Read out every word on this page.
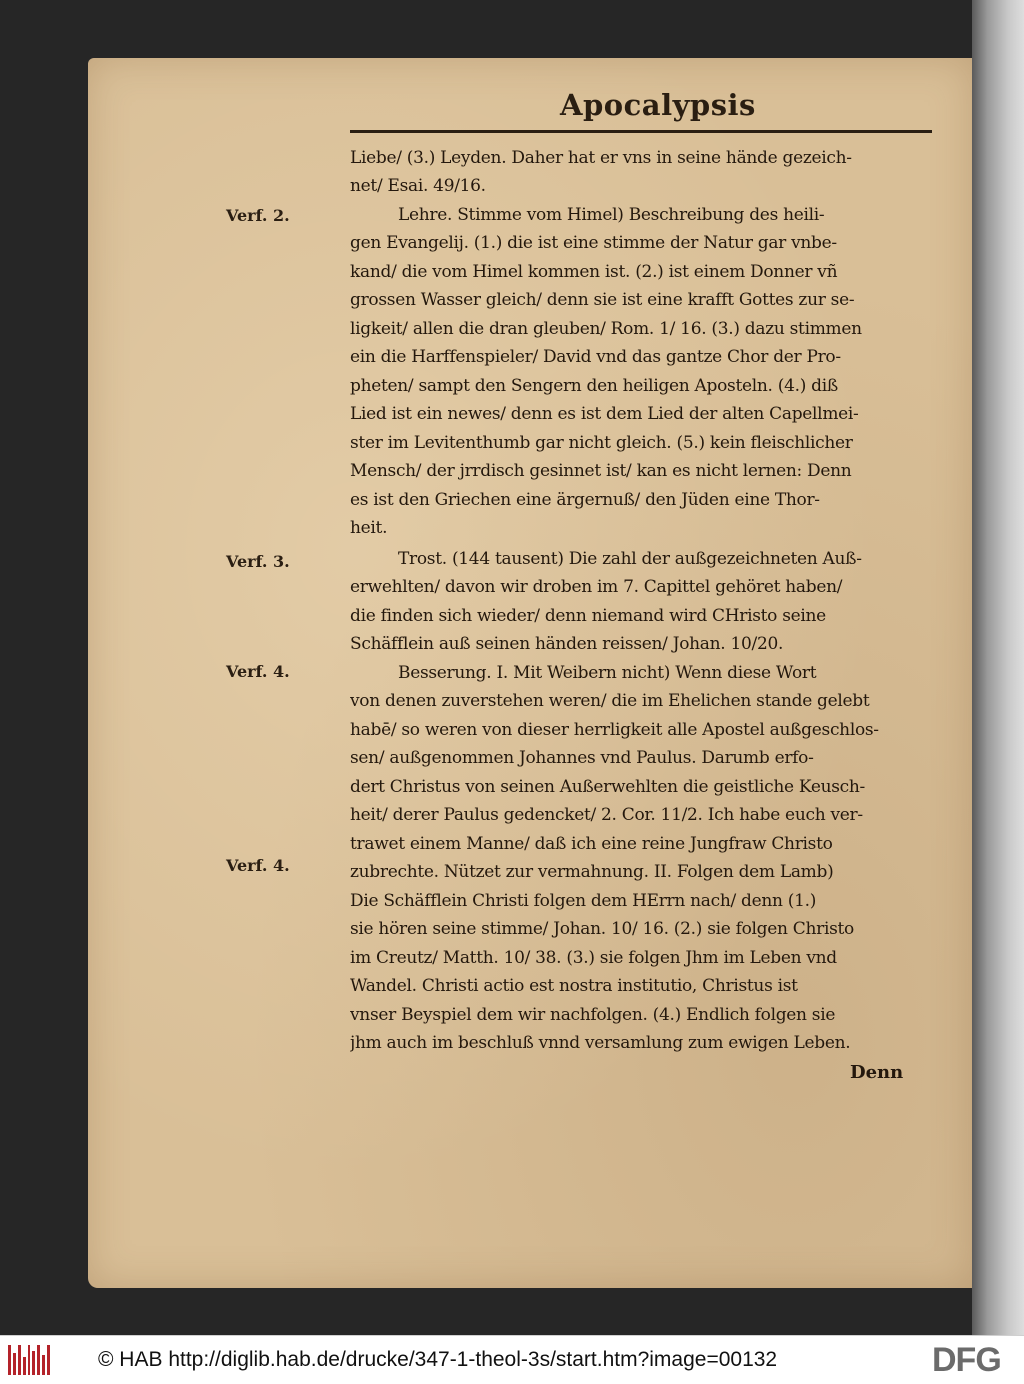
Apocalypsis
Verf. 2.
Verf. 3.
Verf. 4.
Verf. 4.
Liebe/ (3.) Leyden. Daher hat er vns in seine hände gezeich-
net/ Esai. 49/16.
Lehre. Stimme vom Himel) Beschreibung des heili-
gen Evangelij. (1.) die ist eine stimme der Natur gar vnbe-
kand/ die vom Himel kommen ist. (2.) ist einem Donner vñ
grossen Wasser gleich/ denn sie ist eine krafft Gottes zur se-
ligkeit/ allen die dran gleuben/ Rom. 1/ 16. (3.) dazu stimmen
ein die Harffenspieler/ David vnd das gantze Chor der Pro-
pheten/ sampt den Sengern den heiligen Aposteln. (4.) diß
Lied ist ein newes/ denn es ist dem Lied der alten Capellmei-
ster im Levitenthumb gar nicht gleich. (5.) kein fleischlicher
Mensch/ der jrrdisch gesinnet ist/ kan es nicht lernen: Denn
es ist den Griechen eine ärgernuß/ den Jüden eine Thor-
heit.
Trost. (144 tausent) Die zahl der außgezeichneten Auß-
erwehlten/ davon wir droben im 7. Capittel gehöret haben/
die finden sich wieder/ denn niemand wird CHristo seine
Schäfflein auß seinen händen reissen/ Johan. 10/20.
Besserung. I. Mit Weibern nicht) Wenn diese Wort
von denen zuverstehen weren/ die im Ehelichen stande gelebt
habē/ so weren von dieser herrligkeit alle Apostel außgeschlos-
sen/ außgenommen Johannes vnd Paulus. Darumb erfo-
dert Christus von seinen Außerwehlten die geistliche Keusch-
heit/ derer Paulus gedencket/ 2. Cor. 11/2. Ich habe euch ver-
trawet einem Manne/ daß ich eine reine Jungfraw Christo
zubrechte. Nützet zur vermahnung. II. Folgen dem Lamb)
Die Schäfflein Christi folgen dem HErrn nach/ denn (1.)
sie hören seine stimme/ Johan. 10/ 16. (2.) sie folgen Christo
im Creutz/ Matth. 10/ 38. (3.) sie folgen Jhm im Leben vnd
Wandel. Christi actio est nostra institutio, Christus ist
vnser Beyspiel dem wir nachfolgen. (4.) Endlich folgen sie
jhm auch im beschluß vnnd versamlung zum ewigen Leben.
Denn
© HAB http://diglib.hab.de/drucke/347-1-theol-3s/start.htm?image=00132	DFG
